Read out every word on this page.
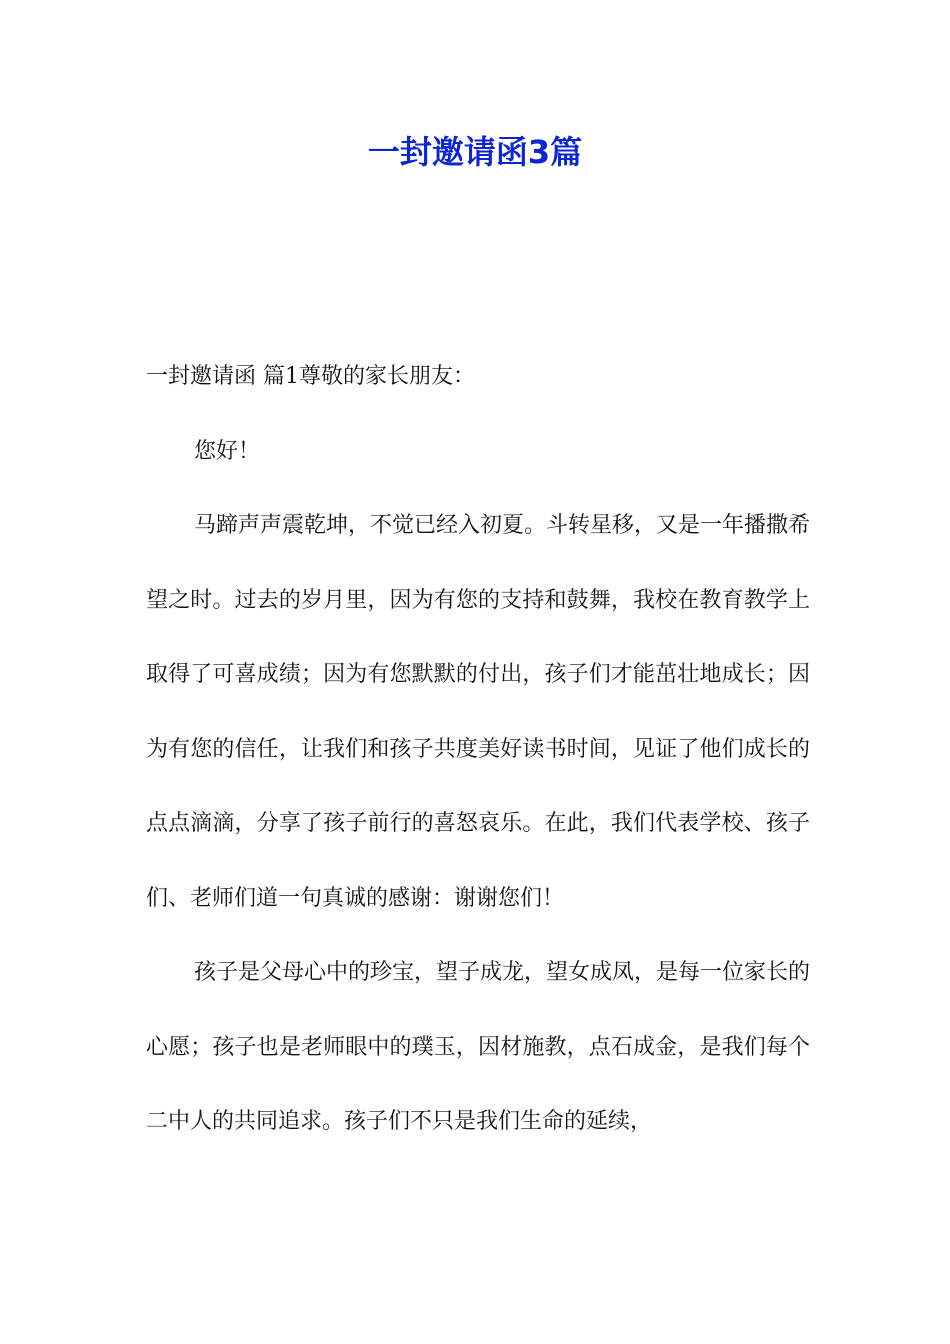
一封邀请函3篇

一封邀请函 篇1尊敬的家长朋友：

您好！

马蹄声声震乾坤，不觉已经入初夏。斗转星移，又是一年播撒希望之时。过去的岁月里，因为有您的支持和鼓舞，我校在教育教学上取得了可喜成绩；因为有您默默的付出，孩子们才能茁壮地成长；因为有您的信任，让我们和孩子共度美好读书时间，见证了他们成长的点点滴滴，分享了孩子前行的喜怒哀乐。在此，我们代表学校、孩子们、老师们道一句真诚的感谢：谢谢您们！

孩子是父母心中的珍宝，望子成龙，望女成凤，是每一位家长的心愿；孩子也是老师眼中的璞玉，因材施教，点石成金，是我们每个二中人的共同追求。孩子们不只是我们生命的延续，
